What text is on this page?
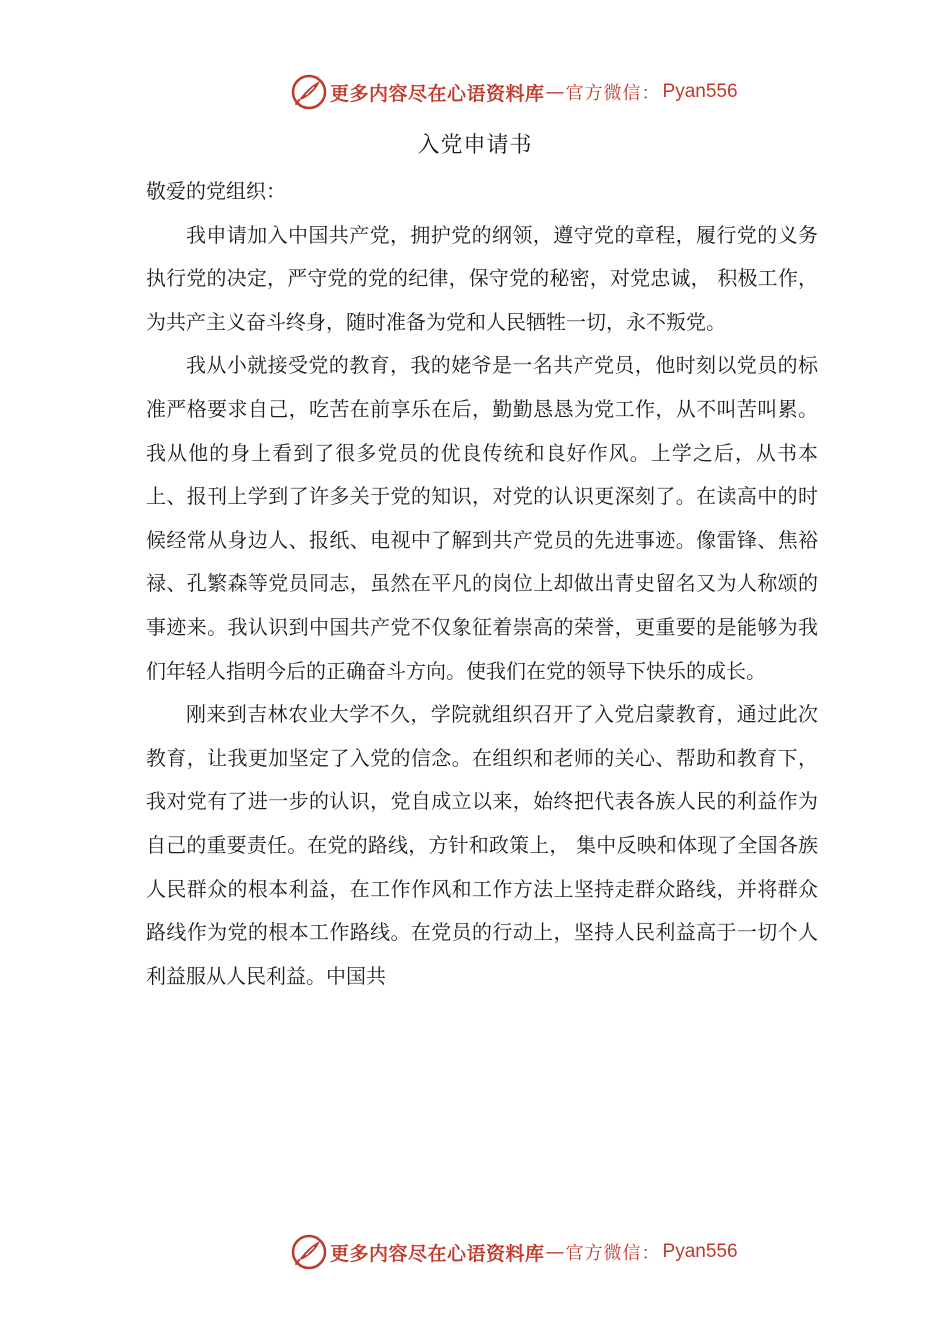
更多内容尽在心语资料库 — 官方微信： Pyan556
入党申请书

敬爱的党组织：

我申请加入中国共产党，拥护党的纲领，遵守党的章程，履行党的义务执行党的决定，严守党的党的纪律，保守党的秘密，对党忠诚， 积极工作，为共产主义奋斗终身，随时准备为党和人民牺牲一切，永不叛党。

我从小就接受党的教育，我的姥爷是一名共产党员，他时刻以党员的标准严格要求自己，吃苦在前享乐在后，勤勤恳恳为党工作，从不叫苦叫累。我从他的身上看到了很多党员的优良传统和良好作风。上学之后，从书本上、报刊上学到了许多关于党的知识，对党的认识更深刻了。在读高中的时候经常从身边人、报纸、电视中了解到共产党员的先进事迹。像雷锋、焦裕禄、孔繁森等党员同志，虽然在平凡的岗位上却做出青史留名又为人称颂的事迹来。我认识到中国共产党不仅象征着崇高的荣誉，更重要的是能够为我们年轻人指明今后的正确奋斗方向。使我们在党的领导下快乐的成长。

刚来到吉林农业大学不久，学院就组织召开了入党启蒙教育，通过此次教育，让我更加坚定了入党的信念。在组织和老师的关心、帮助和教育下，我对党有了进一步的认识，党自成立以来，始终把代表各族人民的利益作为自己的重要责任。在党的路线，方针和政策上， 集中反映和体现了全国各族人民群众的根本利益，在工作作风和工作方法上坚持走群众路线，并将群众路线作为党的根本工作路线。在党员的行动上，坚持人民利益高于一切个人利益服从人民利益。中国共

更多内容尽在心语资料库 — 官方微信： Pyan556
